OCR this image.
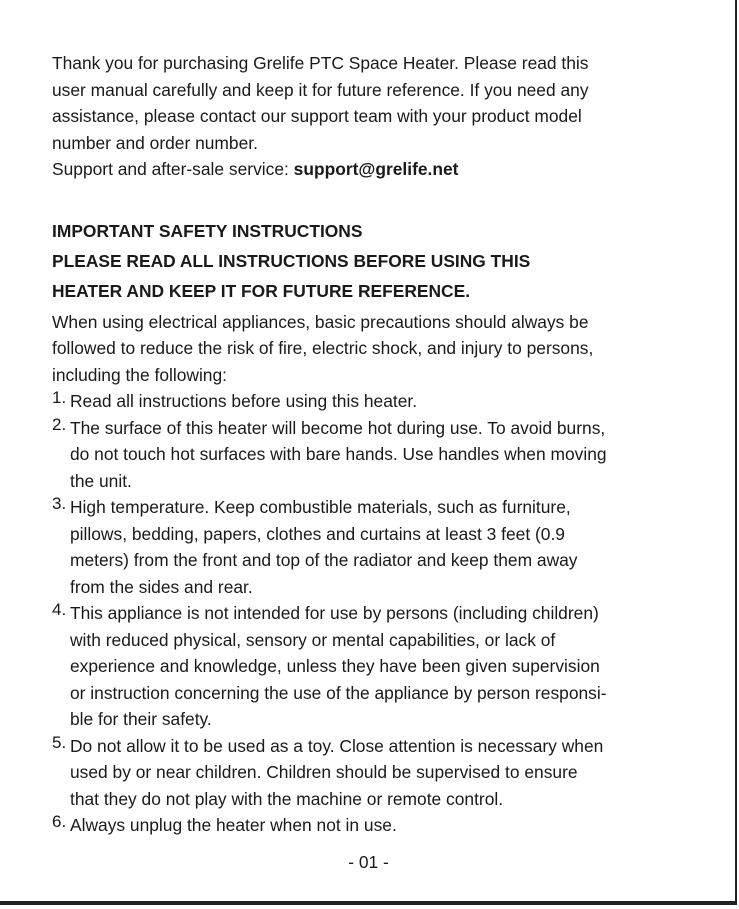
Thank you for purchasing Grelife PTC Space Heater. Please read this
user manual carefully and keep it for future reference. If you need any
assistance, please contact our support team with your product model
number and order number.
Support and after-sale service: support@grelife.net

IMPORTANT SAFETY INSTRUCTIONS

PLEASE READ ALL INSTRUCTIONS BEFORE USING THIS

HEATER AND KEEP IT FOR FUTURE REFERENCE.

When using electrical appliances, basic precautions should always be
followed to reduce the risk of fire, electric shock, and injury to persons,
including the following:

1. Read all instructions before using this heater.
2. The surface of this heater will become hot during use. To avoid burns,
do not touch hot surfaces with bare hands. Use handles when moving
the unit.
3. High temperature. Keep combustible materials, such as furniture,
pillows, bedding, papers, clothes and curtains at least 3 feet (0.9
meters) from the front and top of the radiator and keep them away
from the sides and rear.
4. This appliance is not intended for use by persons (including children)
with reduced physical, sensory or mental capabilities, or lack of
experience and knowledge, unless they have been given supervision
or instruction concerning the use of the appliance by person responsi-
ble for their safety.
5. Do not allow it to be used as a toy. Close attention is necessary when
used by or near children. Children should be supervised to ensure
that they do not play with the machine or remote control.
6. Always unplug the heater when not in use.
- 01 -
